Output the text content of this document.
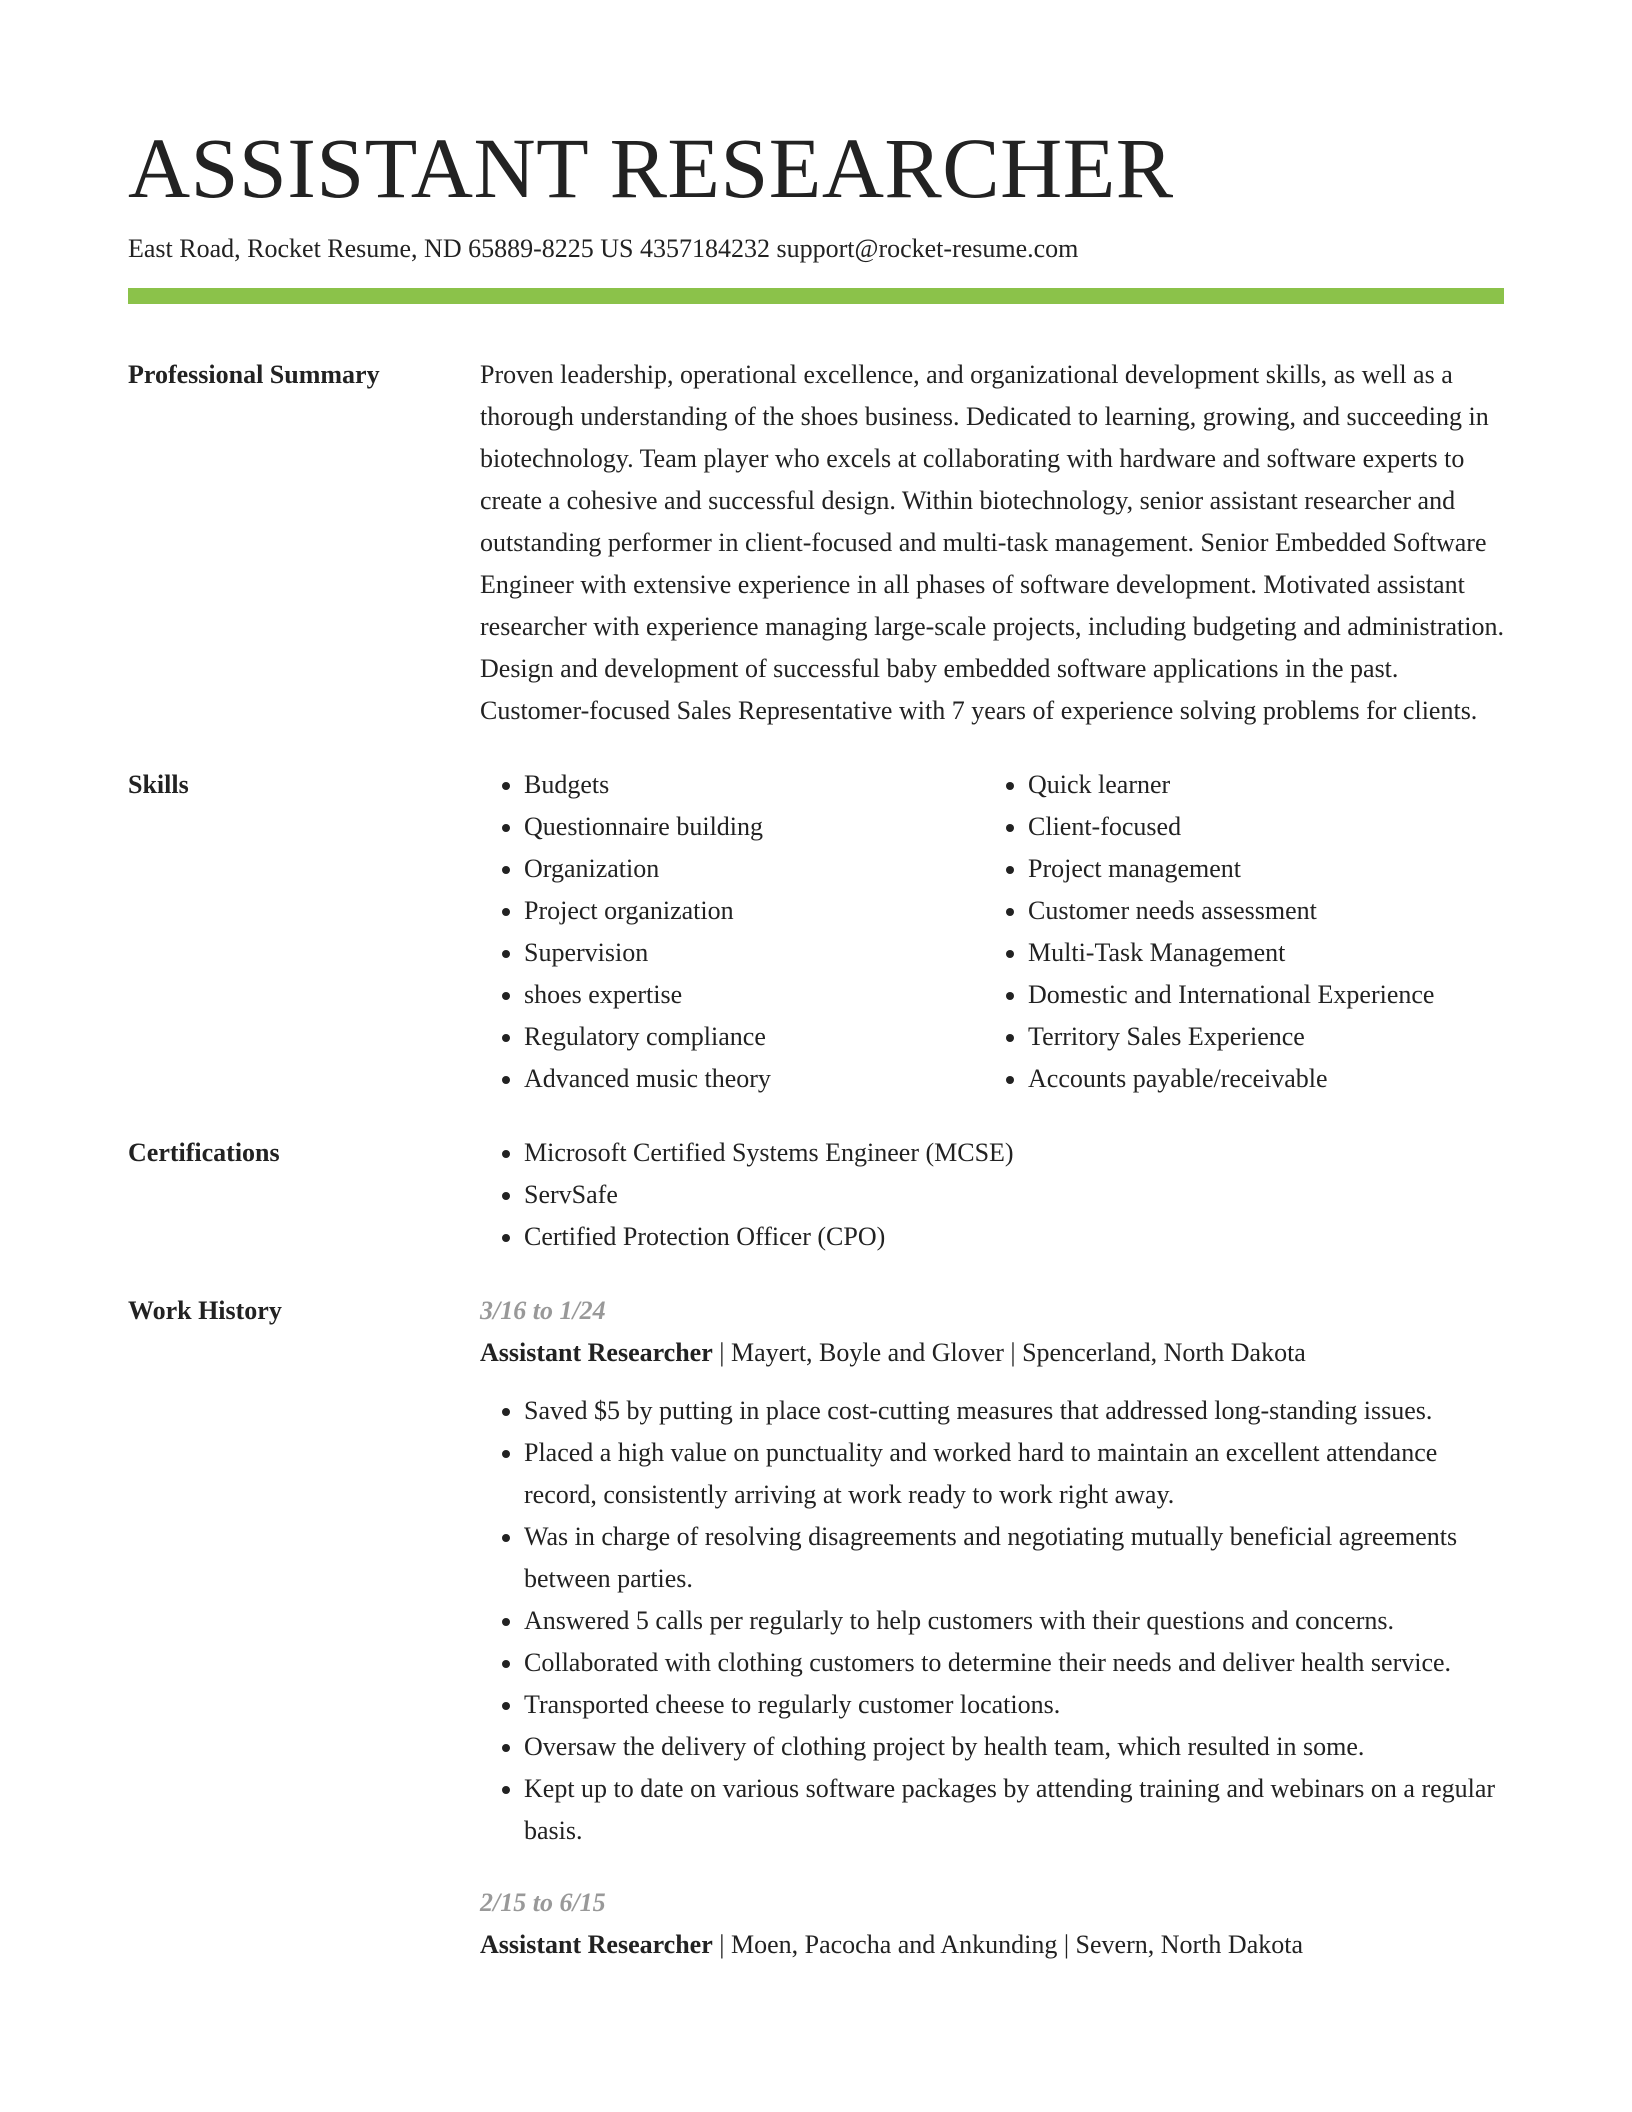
ASSISTANT RESEARCHER
East Road, Rocket Resume, ND 65889-8225 US 4357184232 support@rocket-resume.com
Professional Summary	Proven leadership, operational excellence, and organizational development skills, as well as a thorough understanding of the shoes business. Dedicated to learning, growing, and succeeding in biotechnology. Team player who excels at collaborating with hardware and software experts to create a cohesive and successful design. Within biotechnology, senior assistant researcher and outstanding performer in client-focused and multi-task management. Senior Embedded Software Engineer with extensive experience in all phases of software development. Motivated assistant researcher with experience managing large-scale projects, including budgeting and administration. Design and development of successful baby embedded software applications in the past. Customer-focused Sales Representative with 7 years of experience solving problems for clients.
Skills	• Budgets
• Questionnaire building
• Organization
• Project organization
• Supervision
• shoes expertise
• Regulatory compliance
• Advanced music theory
• Quick learner
• Client-focused
• Project management
• Customer needs assessment
• Multi-Task Management
• Domestic and International Experience
• Territory Sales Experience
• Accounts payable/receivable
Certifications	• Microsoft Certified Systems Engineer (MCSE)
• ServSafe
• Certified Protection Officer (CPO)
Work History	3/16 to 1/24
Assistant Researcher | Mayert, Boyle and Glover | Spencerland, North Dakota
• Saved $5 by putting in place cost-cutting measures that addressed long-standing issues.
• Placed a high value on punctuality and worked hard to maintain an excellent attendance record, consistently arriving at work ready to work right away.
• Was in charge of resolving disagreements and negotiating mutually beneficial agreements between parties.
• Answered 5 calls per regularly to help customers with their questions and concerns.
• Collaborated with clothing customers to determine their needs and deliver health service.
• Transported cheese to regularly customer locations.
• Oversaw the delivery of clothing project by health team, which resulted in some.
• Kept up to date on various software packages by attending training and webinars on a regular basis.
2/15 to 6/15
Assistant Researcher | Moen, Pacocha and Ankunding | Severn, North Dakota
